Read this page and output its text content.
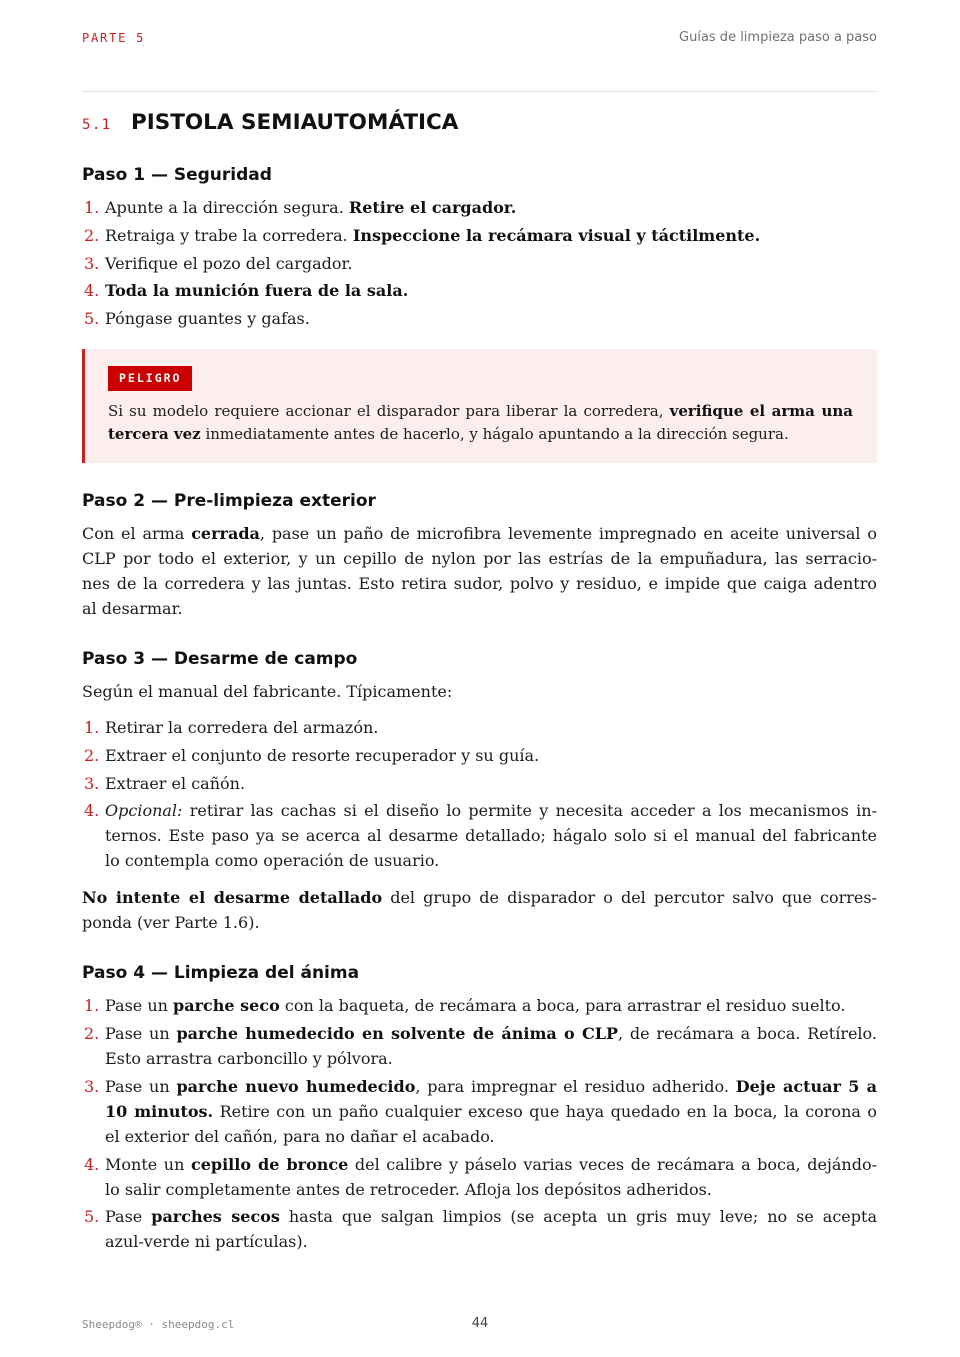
PARTE 5	Guías de limpieza paso a paso
5.1 PISTOLA SEMIAUTOMÁTICA
Paso 1 — Seguridad
1. Apunte a la dirección segura. Retire el cargador.
2. Retraiga y trabe la corredera. Inspeccione la recámara visual y táctilmente.
3. Verifique el pozo del cargador.
4. Toda la munición fuera de la sala.
5. Póngase guantes y gafas.
PELIGRO
Si su modelo requiere accionar el disparador para liberar la corredera, verifique el arma una
tercera vez inmediatamente antes de hacerlo, y hágalo apuntando a la dirección segura.
Paso 2 — Pre-limpieza exterior
Con el arma cerrada, pase un paño de microfibra levemente impregnado en aceite universal o
CLP por todo el exterior, y un cepillo de nylon por las estrías de la empuñadura, las serracio-
nes de la corredera y las juntas. Esto retira sudor, polvo y residuo, e impide que caiga adentro
al desarmar.
Paso 3 — Desarme de campo
Según el manual del fabricante. Típicamente:
1. Retirar la corredera del armazón.
2. Extraer el conjunto de resorte recuperador y su guía.
3. Extraer el cañón.
4. Opcional: retirar las cachas si el diseño lo permite y necesita acceder a los mecanismos in-
ternos. Este paso ya se acerca al desarme detallado; hágalo solo si el manual del fabricante
lo contempla como operación de usuario.
No intente el desarme detallado del grupo de disparador o del percutor salvo que corres-
ponda (ver Parte 1.6).
Paso 4 — Limpieza del ánima
1. Pase un parche seco con la baqueta, de recámara a boca, para arrastrar el residuo suelto.
2. Pase un parche humedecido en solvente de ánima o CLP, de recámara a boca. Retírelo.
Esto arrastra carboncillo y pólvora.
3. Pase un parche nuevo humedecido, para impregnar el residuo adherido. Deje actuar 5 a
10 minutos. Retire con un paño cualquier exceso que haya quedado en la boca, la corona o
el exterior del cañón, para no dañar el acabado.
4. Monte un cepillo de bronce del calibre y páselo varias veces de recámara a boca, dejándo-
lo salir completamente antes de retroceder. Afloja los depósitos adheridos.
5. Pase parches secos hasta que salgan limpios (se acepta un gris muy leve; no se acepta
azul-verde ni partículas).
Sheepdog® · sheepdog.cl	44
